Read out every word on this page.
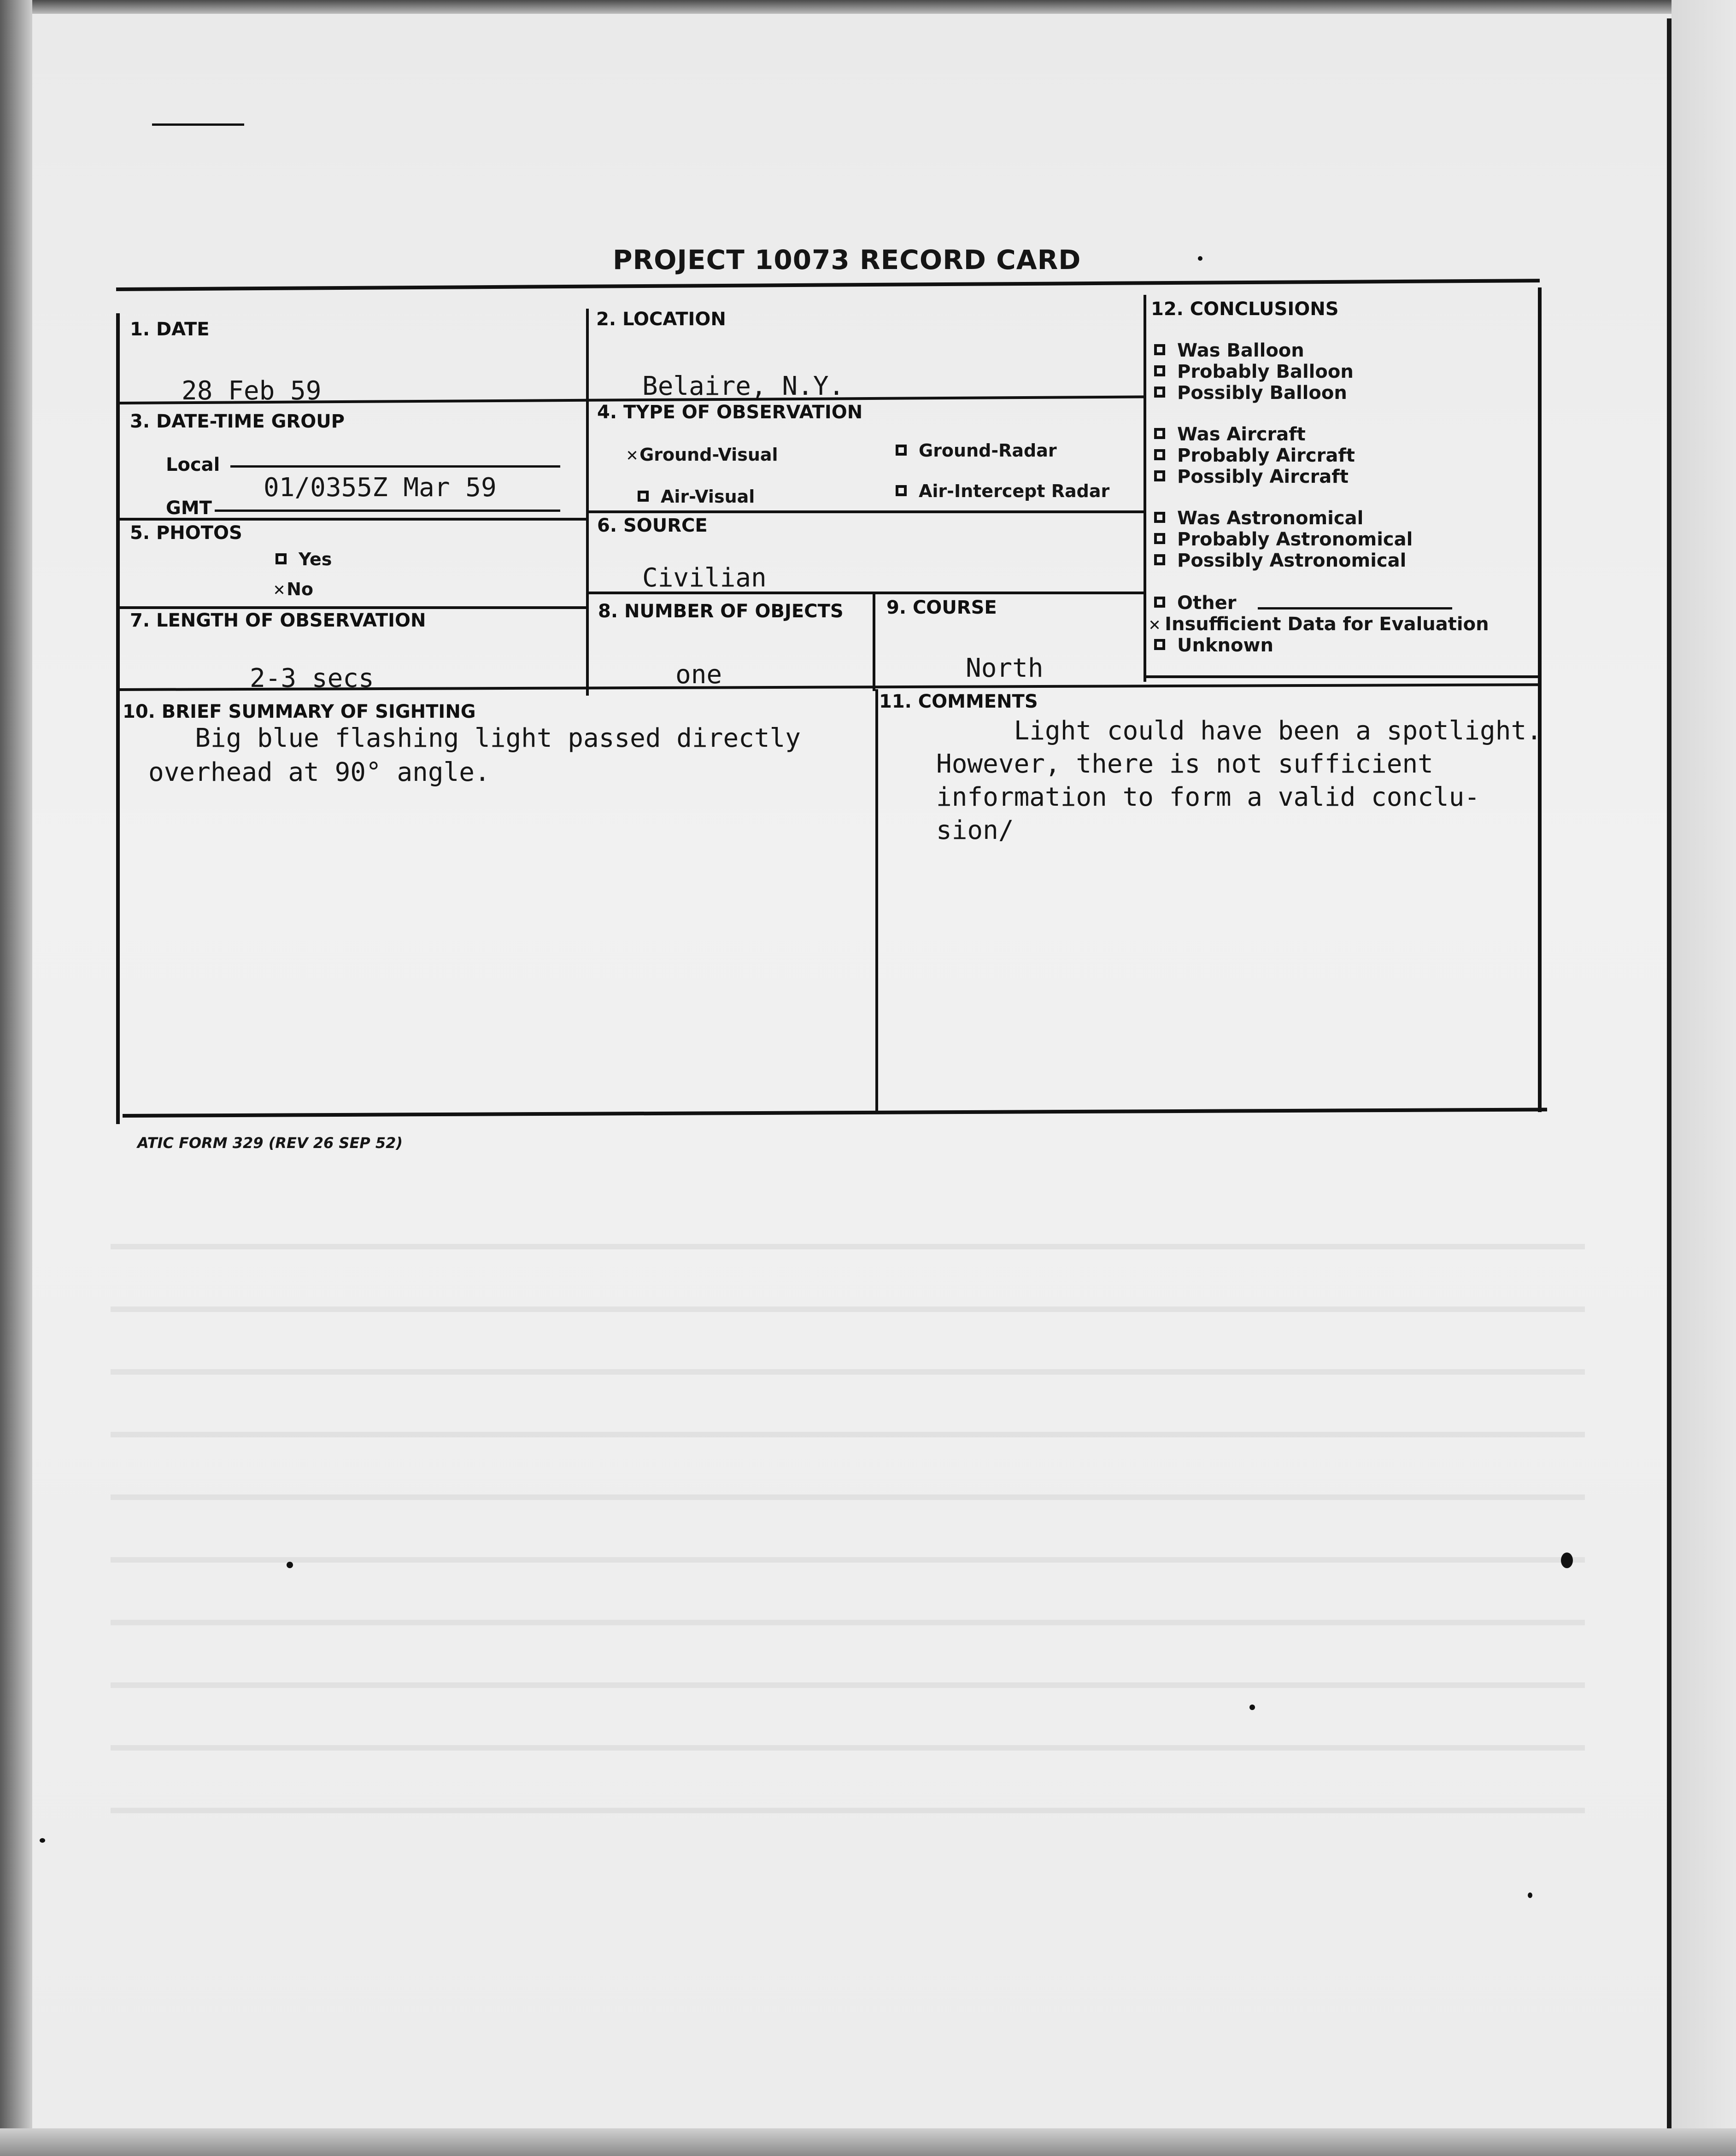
PROJECT 10073 RECORD CARD
1. DATE
28 Feb 59
2. LOCATION
Belaire, N.Y.
3. DATE-TIME GROUP
Local
GMT
01/0355Z Mar 59
4. TYPE OF OBSERVATION
✕ Ground-Visual	Ground-Radar
Air-Visual	Air-Intercept Radar
5. PHOTOS
Yes
✕ No
6. SOURCE
Civilian
7. LENGTH OF OBSERVATION
2-3 secs
8. NUMBER OF OBJECTS
one
9. COURSE
North
10. BRIEF SUMMARY OF SIGHTING
Big blue flashing light passed directly
overhead at 90° angle.
11. COMMENTS
Light could have been a spotlight.
However, there is not sufficient
information to form a valid conclu-
sion/
12. CONCLUSIONS
Was Balloon
Probably Balloon
Possibly Balloon
Was Aircraft
Probably Aircraft
Possibly Aircraft
Was Astronomical
Probably Astronomical
Possibly Astronomical
Other
✕ Insufficient Data for Evaluation
Unknown
ATIC FORM 329 (REV 26 SEP 52)
